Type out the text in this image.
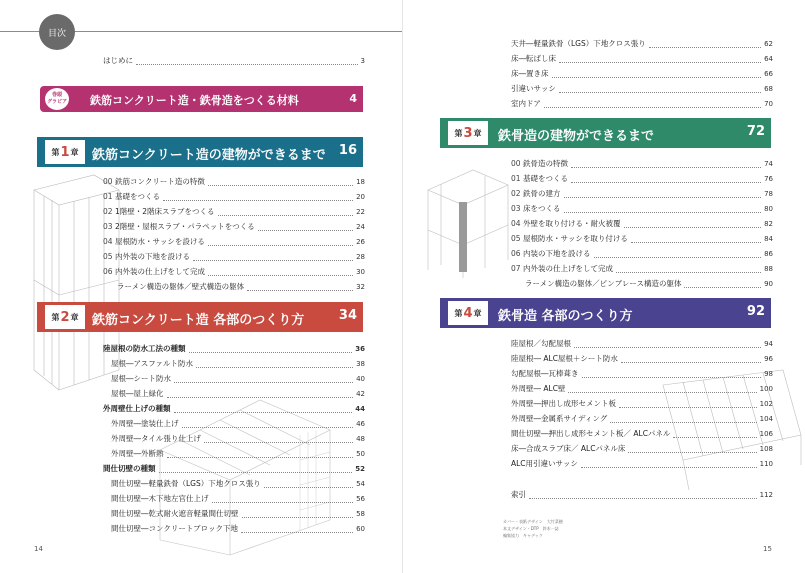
目次
はじめに	3
巻頭
グラビア 鉄筋コンクリート造・鉄骨造をつくる材料	4
第 1 章 鉄筋コンクリート造の建物ができるまで 16
00 鉄筋コンクリート造の特徴	18
01 基礎をつくる	20
02 1階壁・2階床スラブをつくる	22
03 2階壁・屋根スラブ・パラペットをつくる	24
04 屋根防水・サッシを設ける	26
05 内外装の下地を設ける	28
06 内外装の仕上げをして完成	30
ラーメン構造の躯体／壁式構造の躯体	32
第 2 章 鉄筋コンクリート造 各部のつくり方	34
陸屋根の防水工法の種類	36
屋根―アスファルト防水	38
屋根―シート防水	40
屋根―屋上緑化	42
外周壁仕上げの種類	44
外周壁―塗装仕上げ	46
外周壁―タイル張り仕上げ	48
外周壁―外断熱	50
間仕切壁の種類	52
間仕切壁―軽量鉄骨（LGS）下地クロス張り	54
間仕切壁―木下地左官仕上げ	56
間仕切壁―乾式耐火遮音軽量間仕切壁	58
間仕切壁―コンクリートブロック下地	60
14
天井―軽量鉄骨（LGS）下地クロス張り	62
床―転ばし床	64
床―置き床	66
引違いサッシ	68
室内ドア	70
第 3 章 鉄骨造の建物ができるまで	72
00 鉄骨造の特徴	74
01 基礎をつくる	76
02 鉄骨の建方	78
03 床をつくる	80
04 外壁を取り付ける・耐火被覆	82
05 屋根防水・サッシを取り付ける	84
06 内装の下地を設ける	86
07 内外装の仕上げをして完成	88
ラーメン構造の躯体／ピンブレース構造の躯体	90
第 4 章 鉄骨造 各部のつくり方	92
陸屋根／勾配屋根	94
陸屋根― ALC屋根＋シート防水	96
勾配屋根―瓦棒葺き	98
外周壁― ALC壁	100
外周壁―押出し成形セメント板	102
外周壁―金属系サイディング	104
間仕切壁―押出し成形セメント板／ ALCパネル	106
床―合成スラブ床／ ALCパネル床	108
ALC用引違いサッシ	110
索引	112
カバー・表紙デザイン　大竹菜穂
本文デザイン・DTP　鈴木一誌
編集協力　キャデック
15
